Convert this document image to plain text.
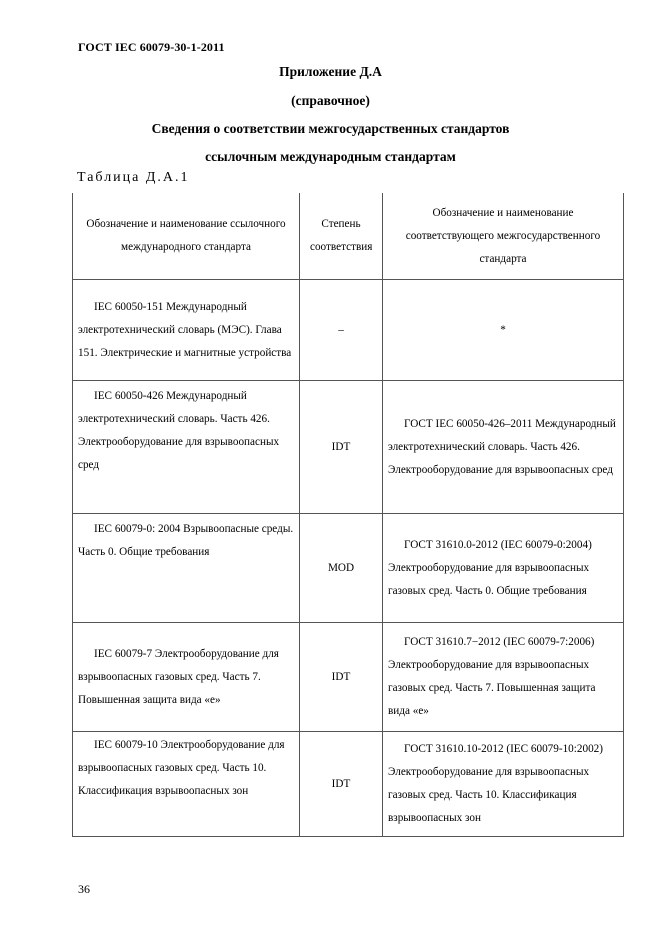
ГОСТ IEC 60079-30-1-2011
Приложение Д.А
(справочное)
Сведения о соответствии межгосударственных стандартов
ссылочным международным стандартам
Таблица Д.А.1
Обозначение и наименование ссылочного международного стандарта	Степень соответствия	Обозначение и наименование соответствующего межгосударственного стандарта
IEC 60050-151 Международный электротехнический словарь (МЭС). Глава 151. Электрические и магнитные устройства	–	*
IEC 60050-426 Международный электротехнический словарь. Часть 426. Электрооборудование для взрывоопасных сред	IDT	ГОСТ IEC 60050-426–2011 Международный электротехнический словарь. Часть 426. Электрооборудование для взрывоопасных сред
IEC 60079-0: 2004 Взрывоопасные среды. Часть 0. Общие требования	MOD	ГОСТ 31610.0-2012 (IEC 60079-0:2004) Электрооборудование для взрывоопасных газовых сред. Часть 0. Общие требования
IEC 60079-7 Электрооборудование для взрывоопасных газовых сред. Часть 7. Повышенная защита вида «е»	IDT	ГОСТ 31610.7−2012 (IEC 60079-7:2006) Электрооборудование для взрывоопасных газовых сред. Часть 7. Повышенная защита вида «е»
IEC 60079-10 Электрооборудование для взрывоопасных газовых сред. Часть 10. Классификация взрывоопасных зон	IDT	ГОСТ 31610.10-2012 (IEC 60079-10:2002) Электрооборудование для взрывоопасных газовых сред. Часть 10. Классификация взрывоопасных зон
36
